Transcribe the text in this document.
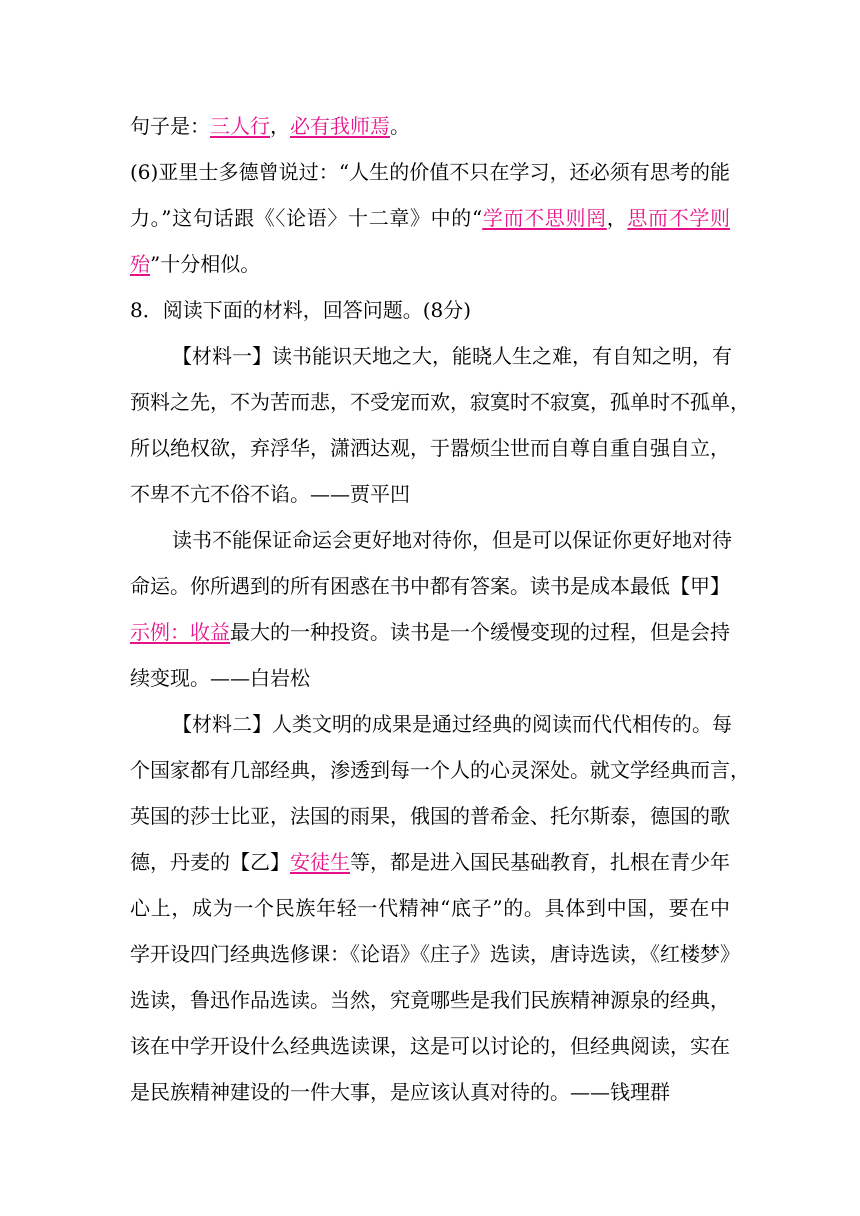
句子是：三人行，必有我师焉。
(6)亚里士多德曾说过：“人生的价值不只在学习，还必须有思考的能
力。”这句话跟《〈论语〉十二章》中的“学而不思则罔，思而不学则
殆”十分相似。
8．阅读下面的材料，回答问题。(8分)
【材料一】读书能识天地之大，能晓人生之难，有自知之明，有
预料之先，不为苦而悲，不受宠而欢，寂寞时不寂寞，孤单时不孤单，
所以绝权欲，弃浮华，潇洒达观，于嚣烦尘世而自尊自重自强自立，
不卑不亢不俗不谄。——贾平凹
读书不能保证命运会更好地对待你，但是可以保证你更好地对待
命运。你所遇到的所有困惑在书中都有答案。读书是成本最低【甲】
示例：收益最大的一种投资。读书是一个缓慢变现的过程，但是会持
续变现。——白岩松
【材料二】人类文明的成果是通过经典的阅读而代代相传的。每
个国家都有几部经典，渗透到每一个人的心灵深处。就文学经典而言，
英国的莎士比亚，法国的雨果，俄国的普希金、托尔斯泰，德国的歌
德，丹麦的【乙】安徒生等，都是进入国民基础教育，扎根在青少年
心上，成为一个民族年轻一代精神“底子”的。具体到中国，要在中
学开设四门经典选修课：《论语》《庄子》选读，唐诗选读，《红楼梦》
选读，鲁迅作品选读。当然，究竟哪些是我们民族精神源泉的经典，
该在中学开设什么经典选读课，这是可以讨论的，但经典阅读，实在
是民族精神建设的一件大事，是应该认真对待的。——钱理群
